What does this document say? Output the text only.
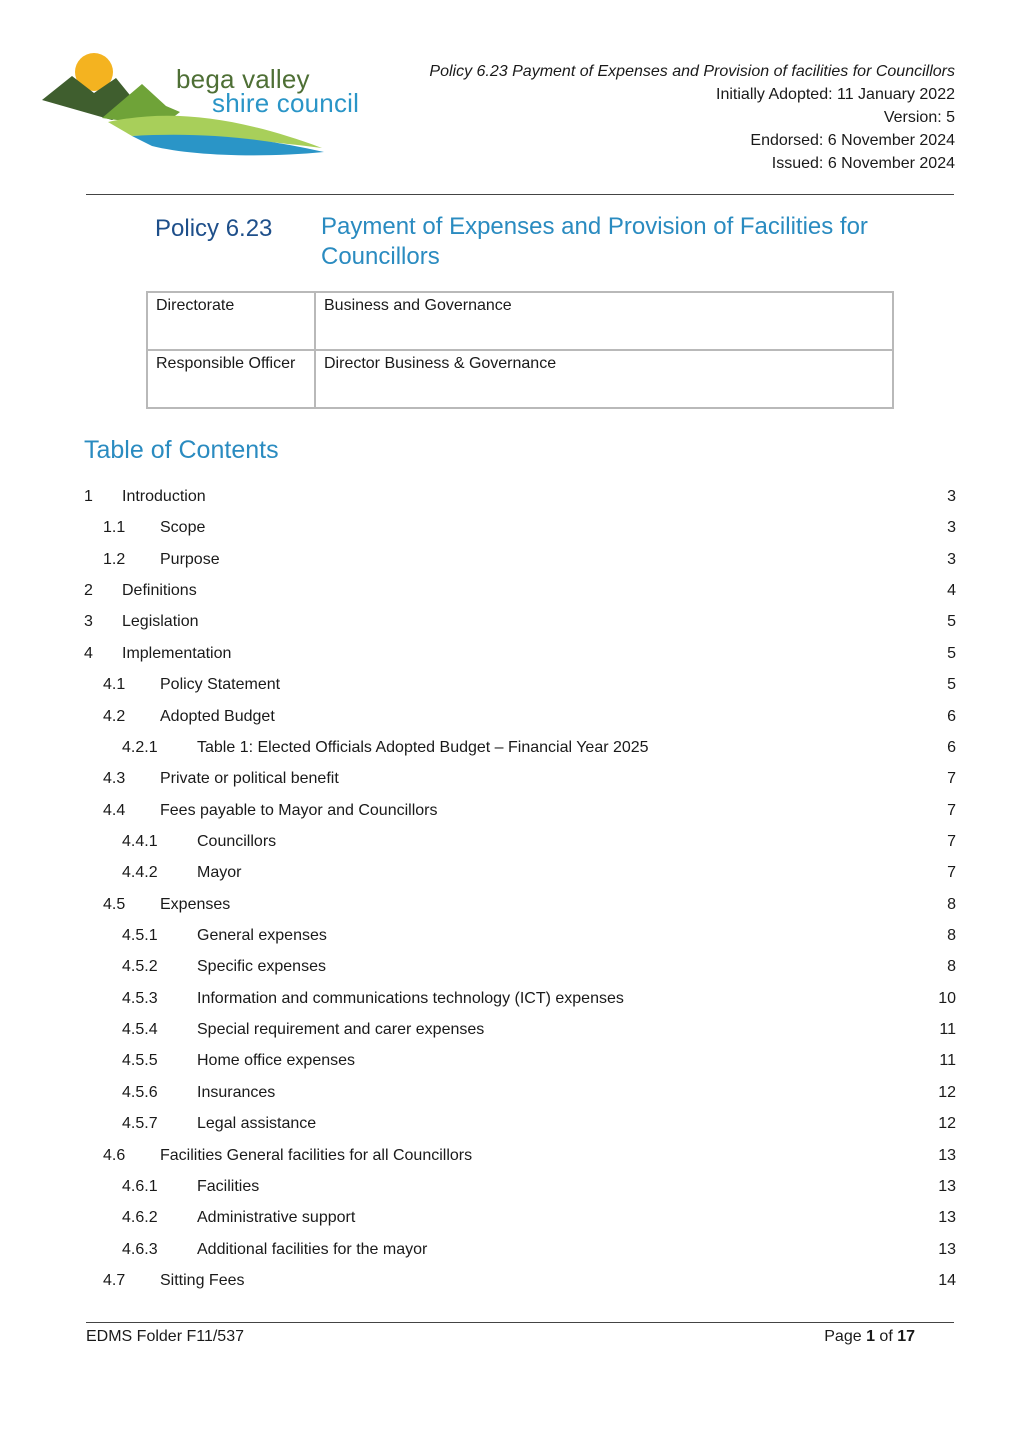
bega valley
shire council
Policy 6.23 Payment of Expenses and Provision of facilities for Councillors
Initially Adopted: 11 January 2022
Version: 5
Endorsed: 6 November 2024
Issued: 6 November 2024
Policy 6.23 Payment of Expenses and Provision of Facilities for Councillors
Directorate	Business and Governance
Responsible Officer	Director Business & Governance
Table of Contents
1 Introduction	3
1.1 Scope	3
1.2 Purpose	3
2 Definitions	4
3 Legislation	5
4 Implementation	5
4.1 Policy Statement	5
4.2 Adopted Budget	6
4.2.1 Table 1: Elected Officials Adopted Budget – Financial Year 2025	6
4.3 Private or political benefit	7
4.4 Fees payable to Mayor and Councillors	7
4.4.1 Councillors	7
4.4.2 Mayor	7
4.5 Expenses	8
4.5.1 General expenses	8
4.5.2 Specific expenses	8
4.5.3 Information and communications technology (ICT) expenses	10
4.5.4 Special requirement and carer expenses	11
4.5.5 Home office expenses	11
4.5.6 Insurances	12
4.5.7 Legal assistance	12
4.6 Facilities General facilities for all Councillors	13
4.6.1 Facilities	13
4.6.2 Administrative support	13
4.6.3 Additional facilities for the mayor	13
4.7 Sitting Fees	14
EDMS Folder F11/537	Page 1 of 17
